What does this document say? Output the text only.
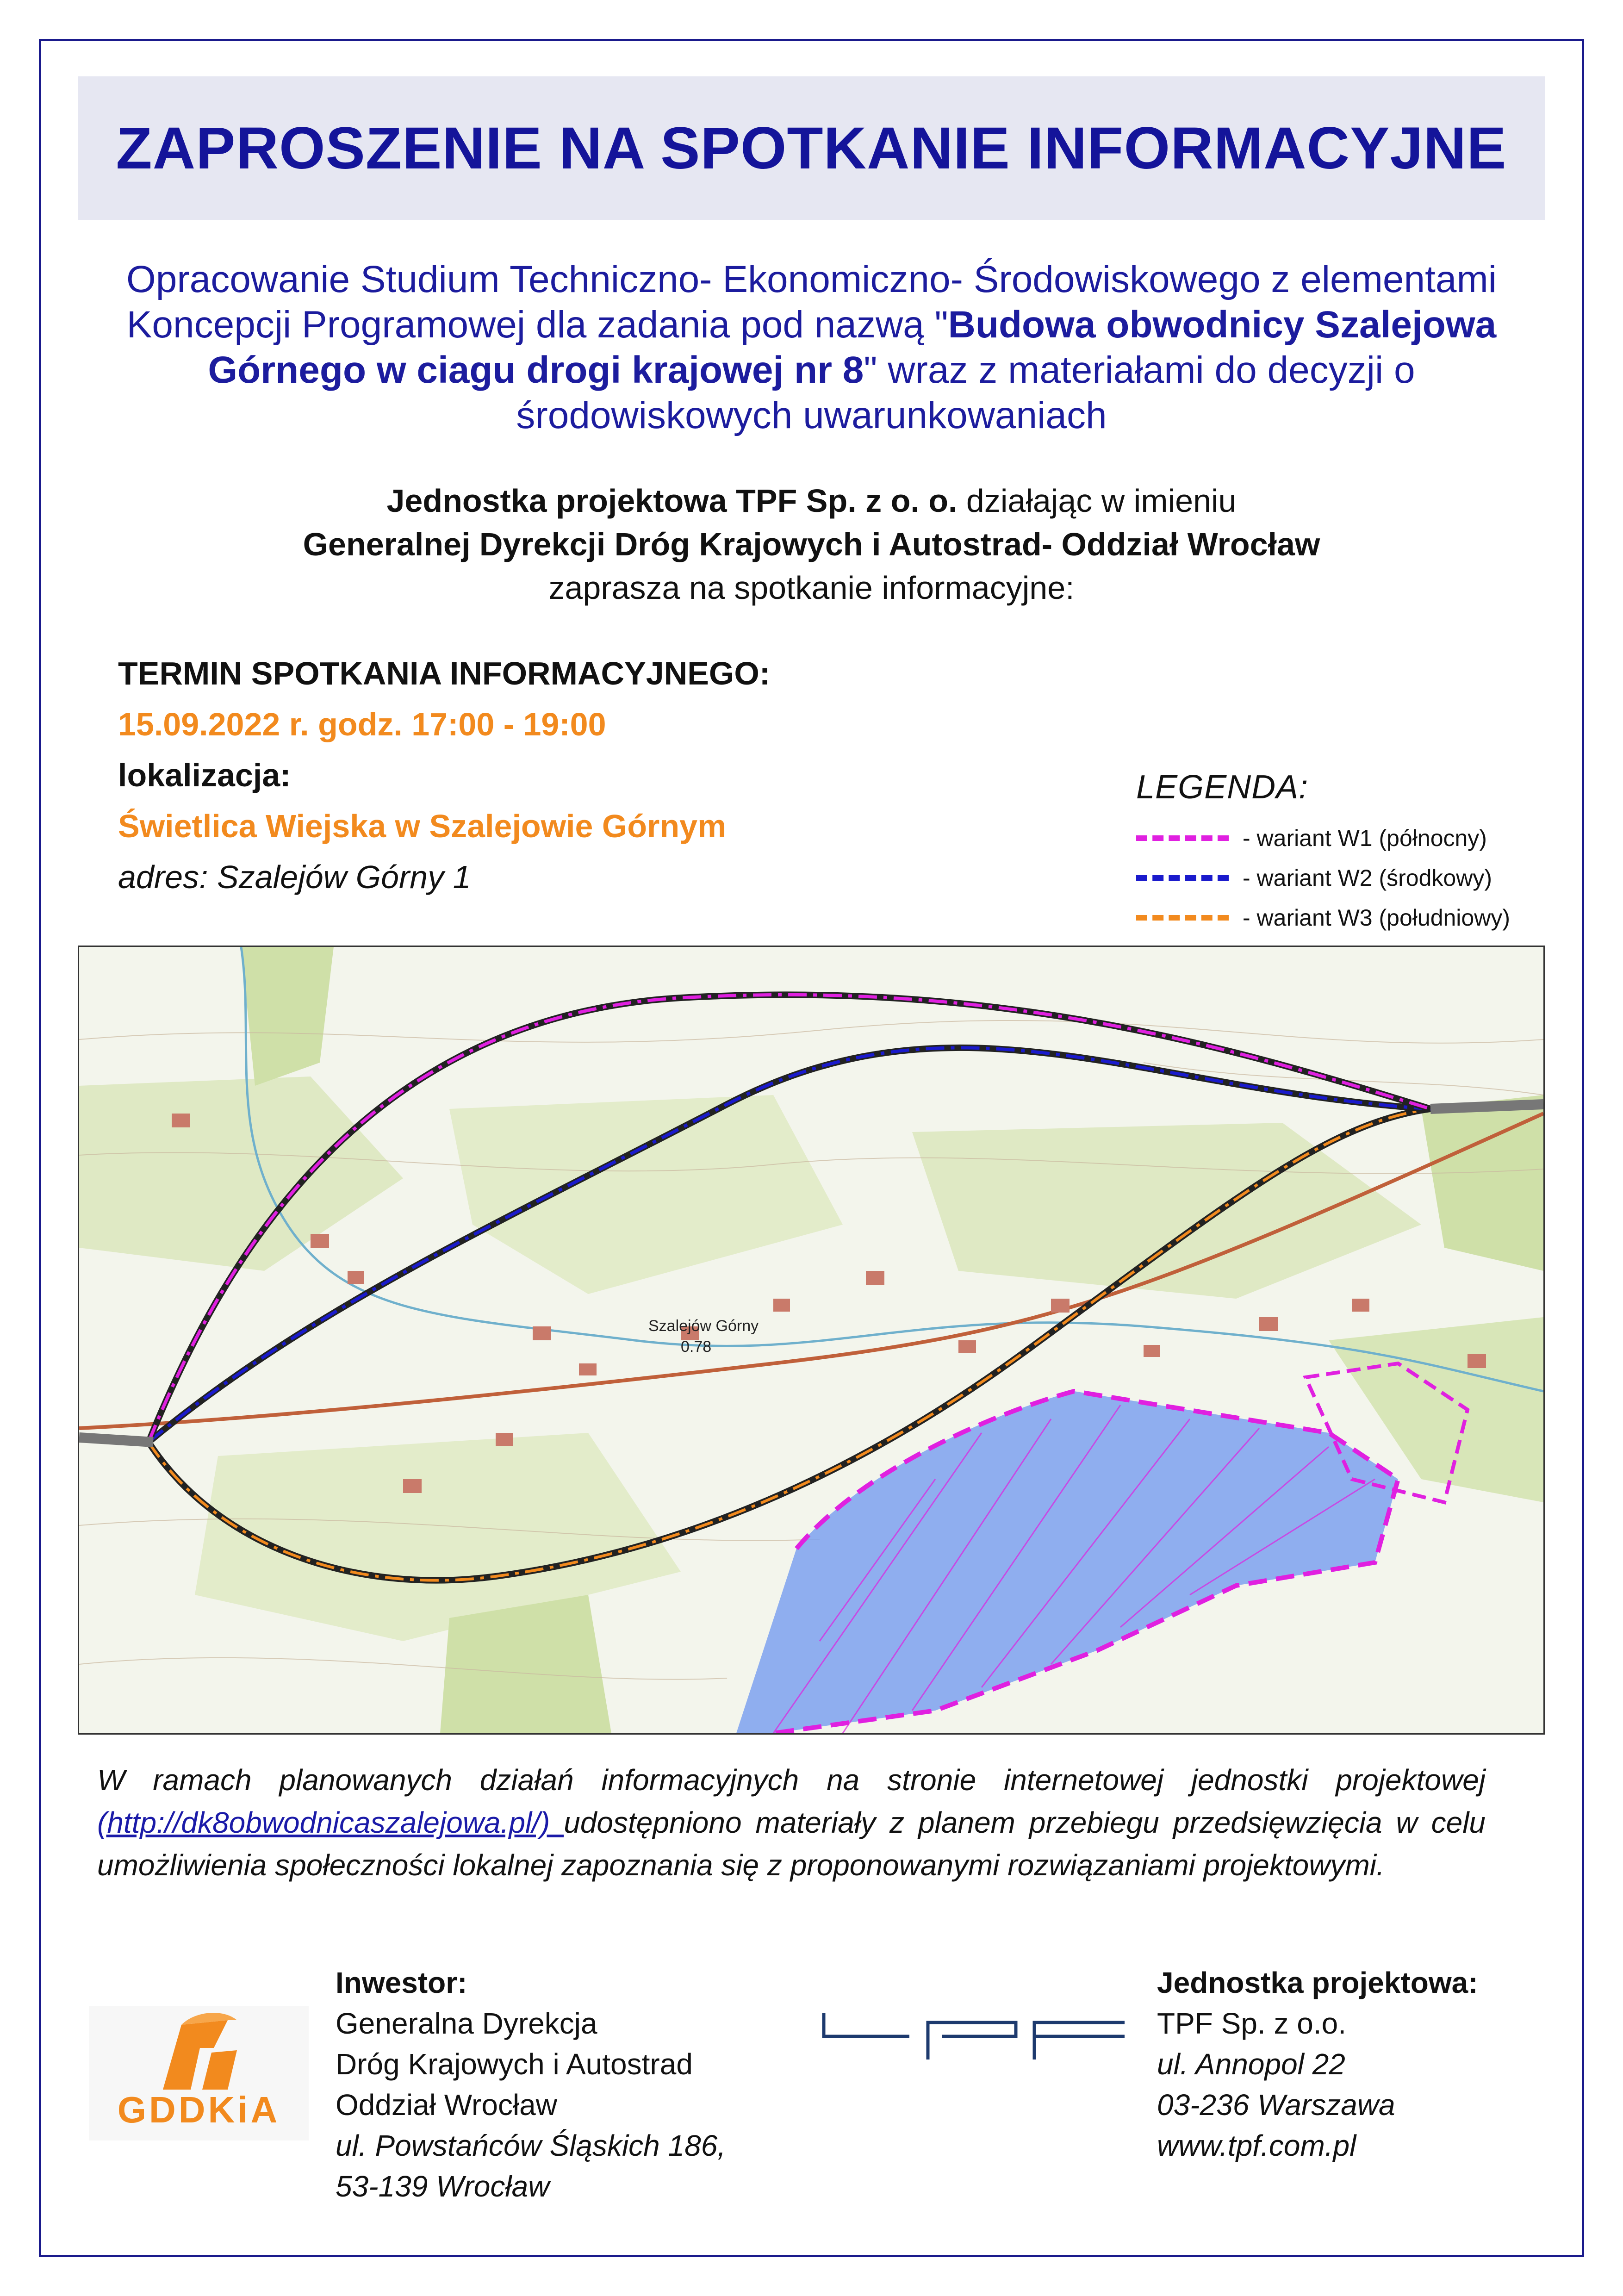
ZAPROSZENIE NA SPOTKANIE INFORMACYJNE
Opracowanie Studium Techniczno- Ekonomiczno- Środowiskowego z elementami Koncepcji Programowej dla zadania pod nazwą "Budowa obwodnicy Szalejowa Górnego w ciagu drogi krajowej nr 8" wraz z materiałami do decyzji o środowiskowych uwarunkowaniach
Jednostka projektowa TPF Sp. z o. o. działając w imieniu
Generalnej Dyrekcji Dróg Krajowych i Autostrad- Oddział Wrocław
zaprasza na spotkanie informacyjne:
TERMIN SPOTKANIA INFORMACYJNEGO:
15.09.2022 r. godz. 17:00 - 19:00
lokalizacja:
Świetlica Wiejska w Szalejowie Górnym
adres: Szalejów Górny 1
LEGENDA:
- wariant W1 (północny)
- wariant W2 (środkowy)
- wariant W3 (południowy)
Szalejów Górny
0.78
W ramach planowanych działań informacyjnych na stronie internetowej jednostki projektowej (http://dk8obwodnicaszalejowa.pl/) udostępniono materiały z planem przebiegu przedsięwzięcia w celu umożliwienia społeczności lokalnej zapoznania się z proponowanymi rozwiązaniami projektowymi.
GDDKiA
Inwestor:
Generalna Dyrekcja
Dróg Krajowych i Autostrad
Oddział Wrocław
ul. Powstańców Śląskich 186,
53-139 Wrocław
Jednostka projektowa:
TPF Sp. z o.o.
ul. Annopol 22
03-236 Warszawa
www.tpf.com.pl
